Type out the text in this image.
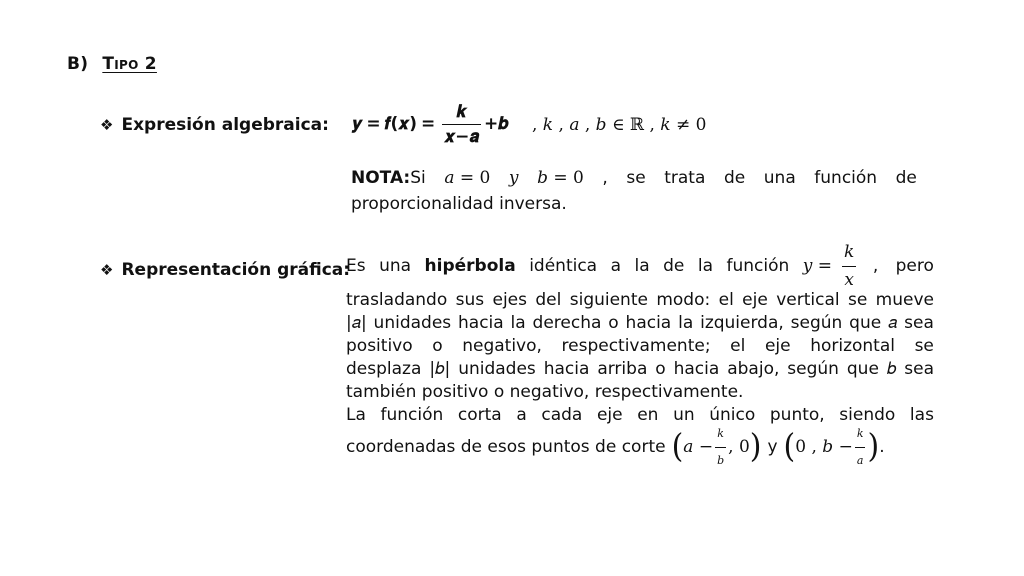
B) Tipo 2
❖ Expresión algebraica: 𝒚 = 𝒇(𝒙) = $\frac{\text{𝒌}}{\text{𝒙−𝒂}}$ +𝒃 , 𝑘 , 𝑎 , 𝑏 ∈ ℝ , 𝑘 ≠ 0
NOTA:Si 𝑎 = 0 𝑦 𝑏 = 0 , se trata de una función de
proporcionalidad inversa.
❖ Representación gráfica:
Es una hipérbola idéntica a la de la función 𝑦 = $\frac{\text{𝑘}}{\text{𝑥}}$ , pero
trasladando sus ejes del siguiente modo: el eje vertical se mueve
|𝑎| unidades hacia la derecha o hacia la izquierda, según que 𝑎 sea
positivo o negativo, respectivamente; el eje horizontal se
desplaza |𝑏| unidades hacia arriba o hacia abajo, según que 𝑏 sea
también positivo o negativo, respectivamente.
La función corta a cada eje en un único punto, siendo las
coordenadas de esos puntos de corte ( 𝑎 − $\frac{\text{𝑘}}{\text{𝑏}}$ , 0 ) y ( 0 , 𝑏 − $\frac{\text{𝑘}}{\text{𝑎}}$ ) .
